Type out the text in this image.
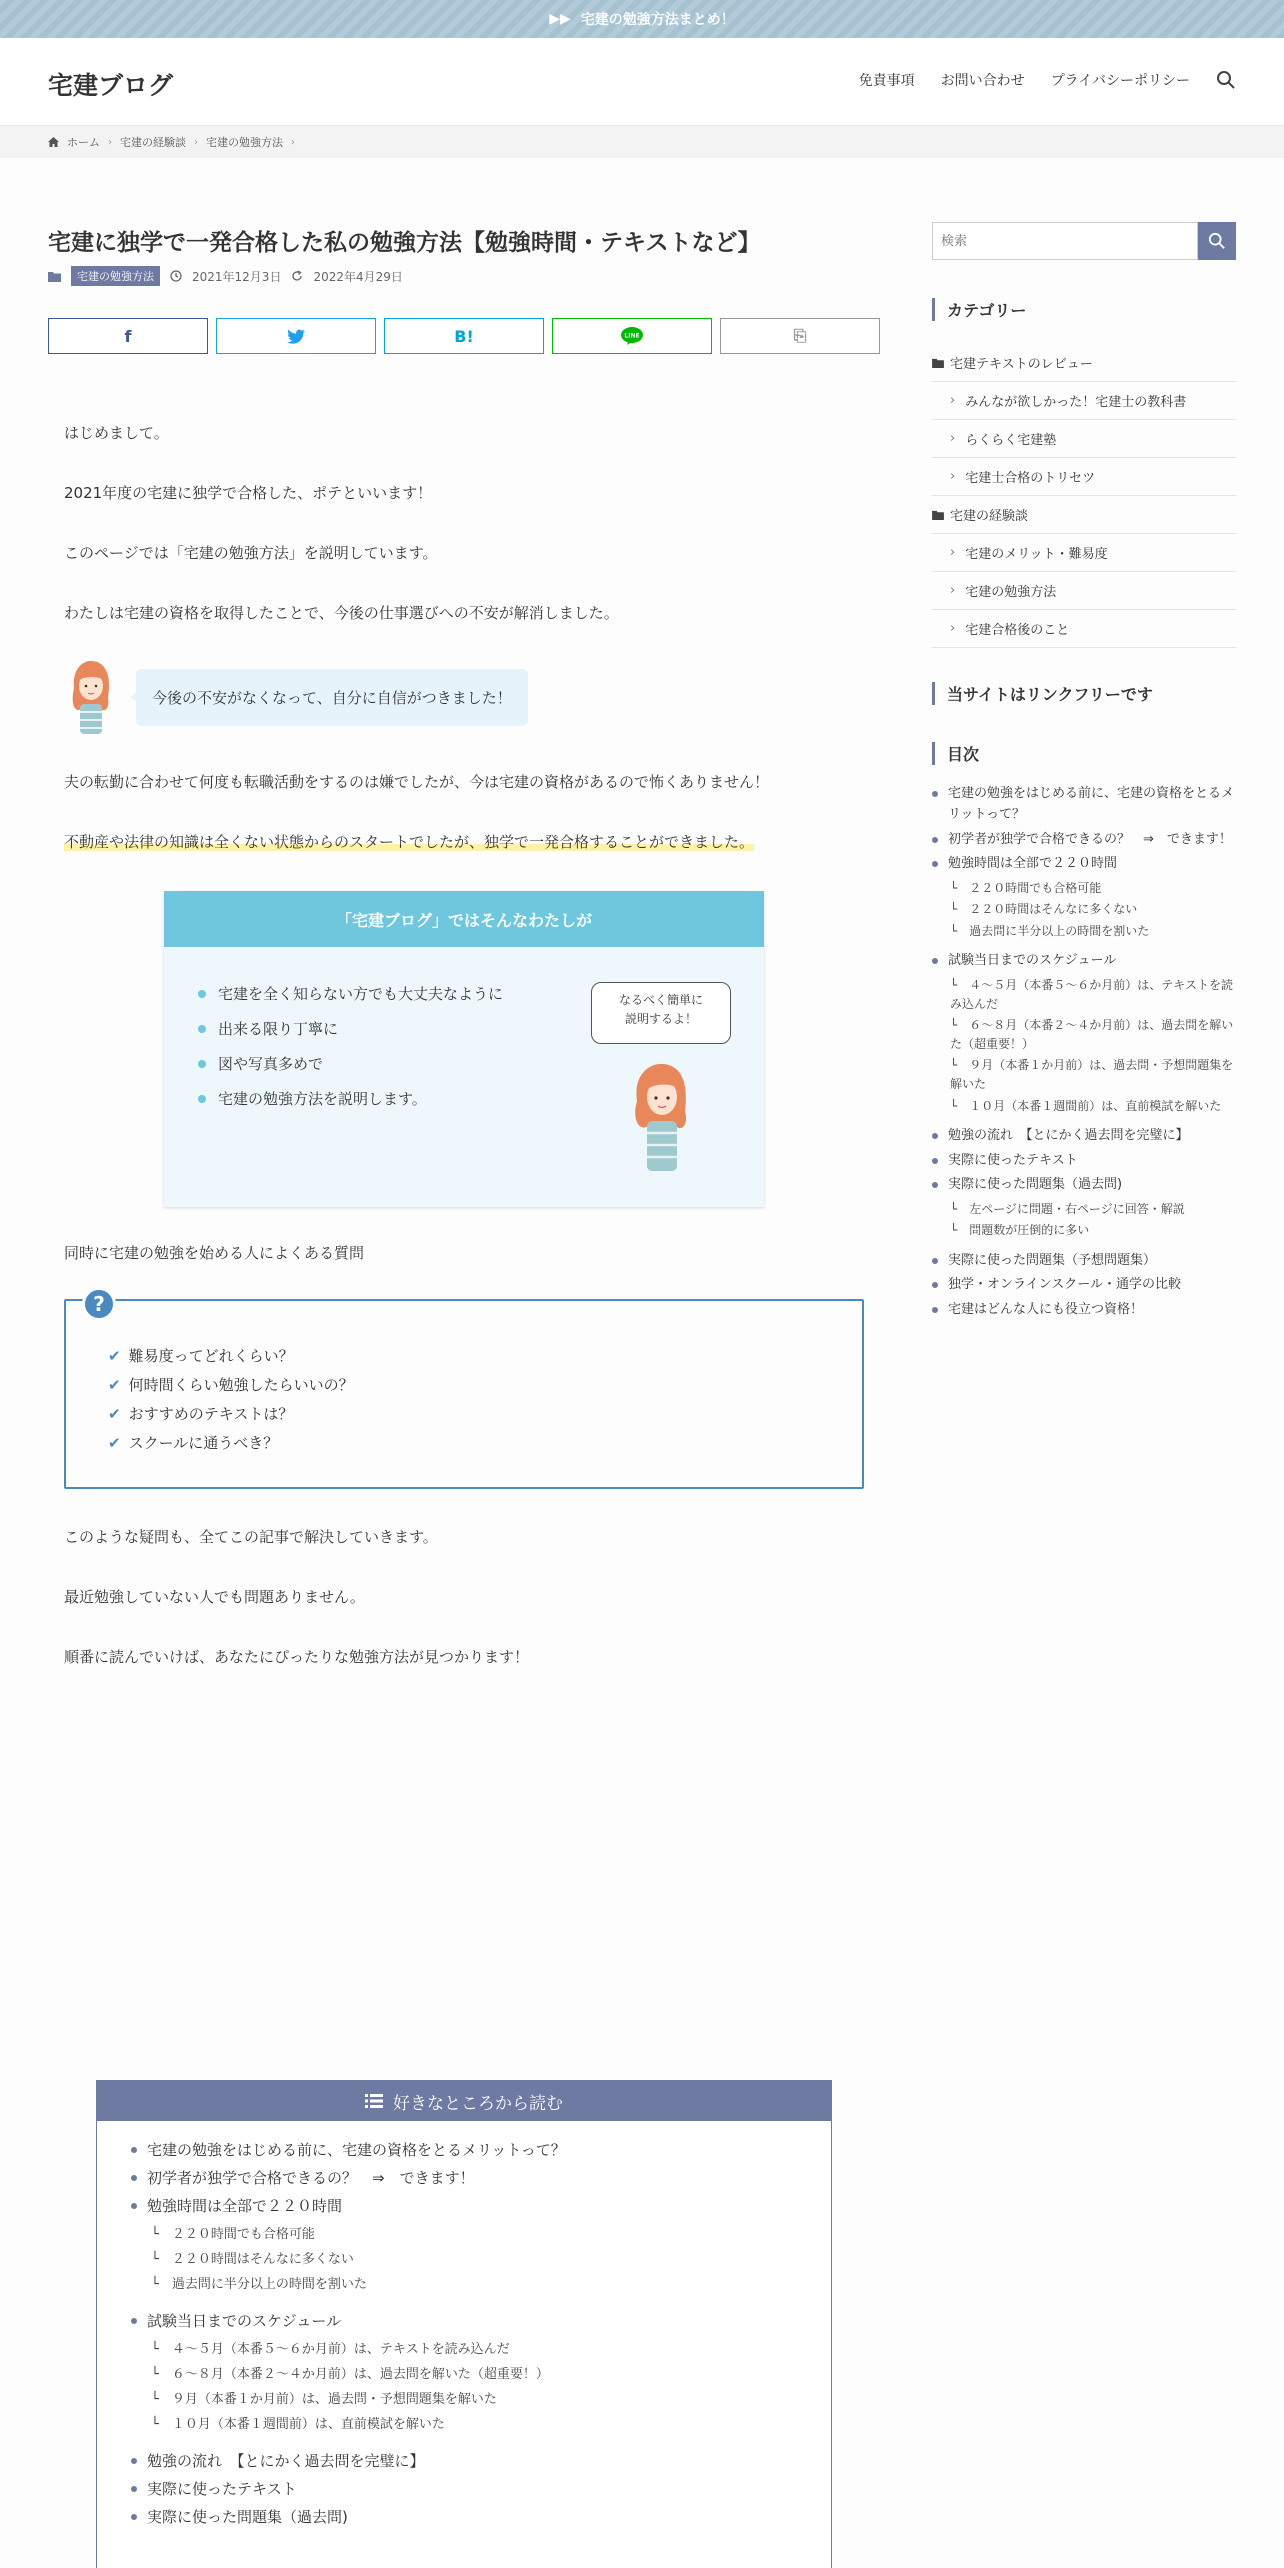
▶▶ 宅建の勉強方法まとめ！
宅建ブログ	免責事項 お問い合わせ プライバシーポリシー
ホーム › 宅建の経験談 › 宅建の勉強方法 ›
宅建に独学で一発合格した私の勉強方法【勉強時間・テキストなど】
宅建の勉強方法	2021年12月3日	2022年4月29日
f	B!	LINE	⎘

はじめまして。

2021年度の宅建に独学で合格した、ポテといいます！

このページでは「宅建の勉強方法」を説明しています。

わたしは宅建の資格を取得したことで、今後の仕事選びへの不安が解消しました。

今後の不安がなくなって、自分に自信がつきました！

夫の転勤に合わせて何度も転職活動をするのは嫌でしたが、今は宅建の資格があるので怖くありません！

不動産や法律の知識は全くない状態からのスタートでしたが、独学で一発合格することができました。

「宅建ブログ」ではそんなわたしが
宅建を全く知らない方でも大丈夫なように
出来る限り丁寧に
図や写真多めで
宅建の勉強方法を説明します。
なるべく簡単に
説明するよ！

同時に宅建の勉強を始める人によくある質問

?
✔ 難易度ってどれくらい？
✔ 何時間くらい勉強したらいいの？
✔ おすすめのテキストは？
✔ スクールに通うべき？

このような疑問も、全てこの記事で解決していきます。

最近勉強していない人でも問題ありません。

順番に読んでいけば、あなたにぴったりな勉強方法が見つかります！

好きなところから読む
宅建の勉強をはじめる前に、宅建の資格をとるメリットって？
初学者が独学で合格できるの？　⇒　できます！
勉強時間は全部で２２０時間
└　２２０時間でも合格可能
└　２２０時間はそんなに多くない
└　過去問に半分以上の時間を割いた
試験当日までのスケジュール
└　４～５月（本番５～６か月前）は、テキストを読み込んだ
└　６～８月（本番２～４か月前）は、過去問を解いた（超重要！）
└　９月（本番１か月前）は、過去問・予想問題集を解いた
└　１０月（本番１週間前）は、直前模試を解いた
勉強の流れ　【とにかく過去問を完璧に】
実際に使ったテキスト
実際に使った問題集（過去問)
検索
カテゴリー
宅建テキストのレビュー
› みんなが欲しかった！宅建士の教科書
› らくらく宅建塾
› 宅建士合格のトリセツ
宅建の経験談
› 宅建のメリット・難易度
› 宅建の勉強方法
› 宅建合格後のこと
当サイトはリンクフリーです
目次
宅建の勉強をはじめる前に、宅建の資格をとるメリットって？
初学者が独学で合格できるの？　⇒　できます！
勉強時間は全部で２２０時間
└　２２０時間でも合格可能
└　２２０時間はそんなに多くない
└　過去問に半分以上の時間を割いた
試験当日までのスケジュール
└　４～５月（本番５～６か月前）は、テキストを読み込んだ
└　６～８月（本番２～４か月前）は、過去問を解いた（超重要！）
└　９月（本番１か月前）は、過去問・予想問題集を解いた
└　１０月（本番１週間前）は、直前模試を解いた
勉強の流れ　【とにかく過去問を完璧に】
実際に使ったテキスト
実際に使った問題集（過去問)
└　左ページに問題・右ページに回答・解説
└　問題数が圧倒的に多い
実際に使った問題集（予想問題集）
独学・オンラインスクール・通学の比較
宅建はどんな人にも役立つ資格！
